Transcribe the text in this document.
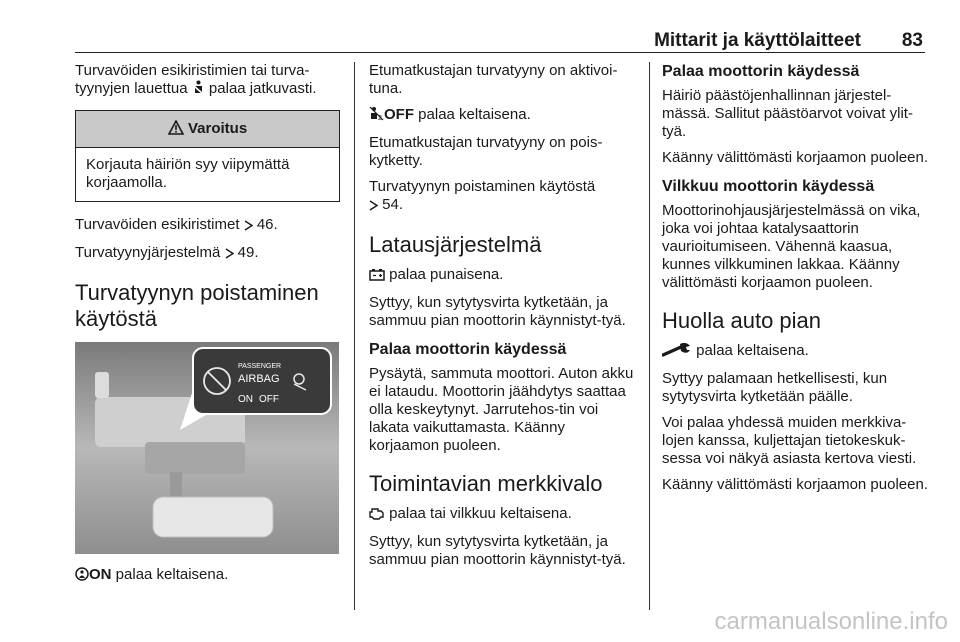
Mittarit ja käyttölaitteet 83

Turvavöiden esikiristimien tai turva-tyynyjen lauettua palaa jatkuvasti.

Varoitus
Korjauta häiriön syy viipymättä korjaamolla.

Turvavöiden esikiristimet 46.

Turvatyynyjärjestelmä 49.

Turvatyynyn poistaminen käytöstä
PASSENGER
AIRBAG
ON OFF

ON palaa keltaisena.

Etumatkustajan turvatyyny on aktivoi-tuna.

2 OFF palaa keltaisena.

Etumatkustajan turvatyyny on pois-kytketty.

Turvatyynyn poistaminen käytöstä
54.

Latausjärjestelmä

palaa punaisena.

Syttyy, kun sytytysvirta kytketään, ja sammuu pian moottorin käynnistyt-tyä.

Palaa moottorin käydessä

Pysäytä, sammuta moottori. Auton akku ei lataudu. Moottorin jäähdytys saattaa olla keskeytynyt. Jarrutehos-tin voi lakata vaikuttamasta. Käänny korjaamon puoleen.

Toimintavian merkkivalo

palaa tai vilkkuu keltaisena.

Syttyy, kun sytytysvirta kytketään, ja sammuu pian moottorin käynnistyt-tyä.

Palaa moottorin käydessä

Häiriö päästöjenhallinnan järjestel-mässä. Sallitut päästöarvot voivat ylit-tyä.

Käänny välittömästi korjaamon puoleen.

Vilkkuu moottorin käydessä

Moottorinohjausjärjestelmässä on vika, joka voi johtaa katalysaattorin vaurioitumiseen. Vähennä kaasua, kunnes vilkkuminen lakkaa. Käänny välittömästi korjaamon puoleen.

Huolla auto pian

palaa keltaisena.

Syttyy palamaan hetkellisesti, kun sytytysvirta kytketään päälle.

Voi palaa yhdessä muiden merkkiva-lojen kanssa, kuljettajan tietokeskuk-sessa voi näkyä asiasta kertova viesti.

Käänny välittömästi korjaamon puoleen.

carmanualsonline.info
